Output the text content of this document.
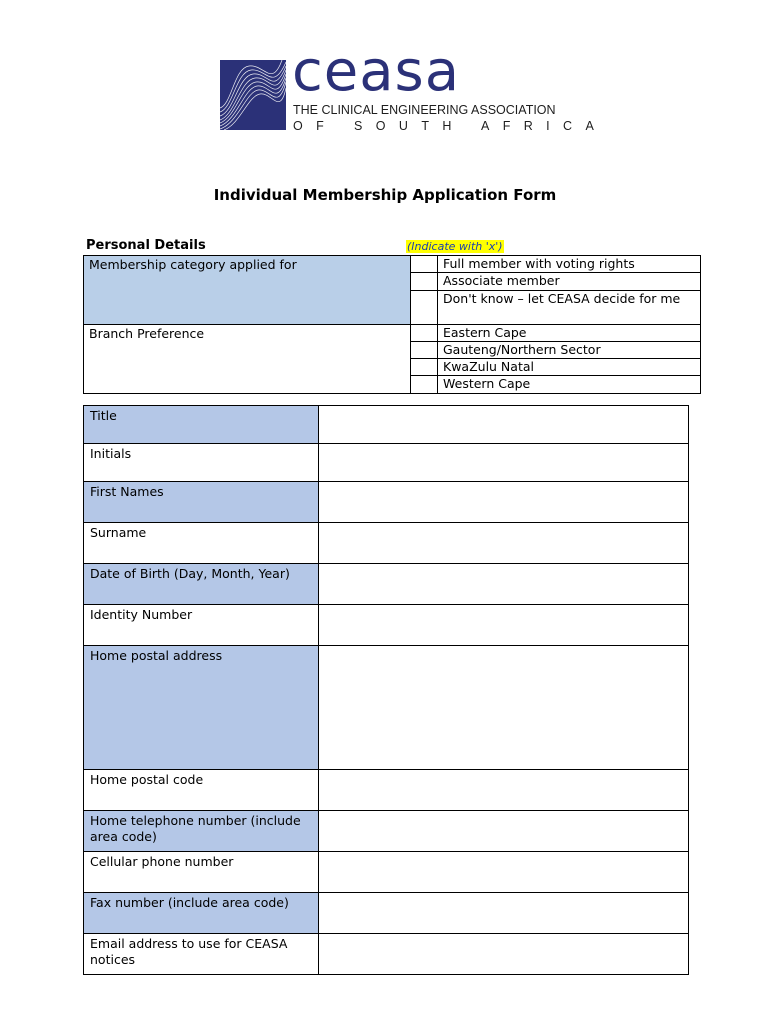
ceasa
THE CLINICAL ENGINEERING ASSOCIATION
OF SOUTH AFRICA
Individual Membership Application Form
Personal Details	(Indicate with 'x')
Membership category applied for		Full member with voting rights
		Associate member
		Don't know – let CEASA decide for me
Branch Preference		Eastern Cape
		Gauteng/Northern Sector
		KwaZulu Natal
		Western Cape
Title	
Initials	
First Names	
Surname	
Date of Birth (Day, Month, Year)	
Identity Number	
Home postal address	
Home postal code	
Home telephone number (include area code)	
Cellular phone number	
Fax number (include area code)	
Email address to use for CEASA notices	
